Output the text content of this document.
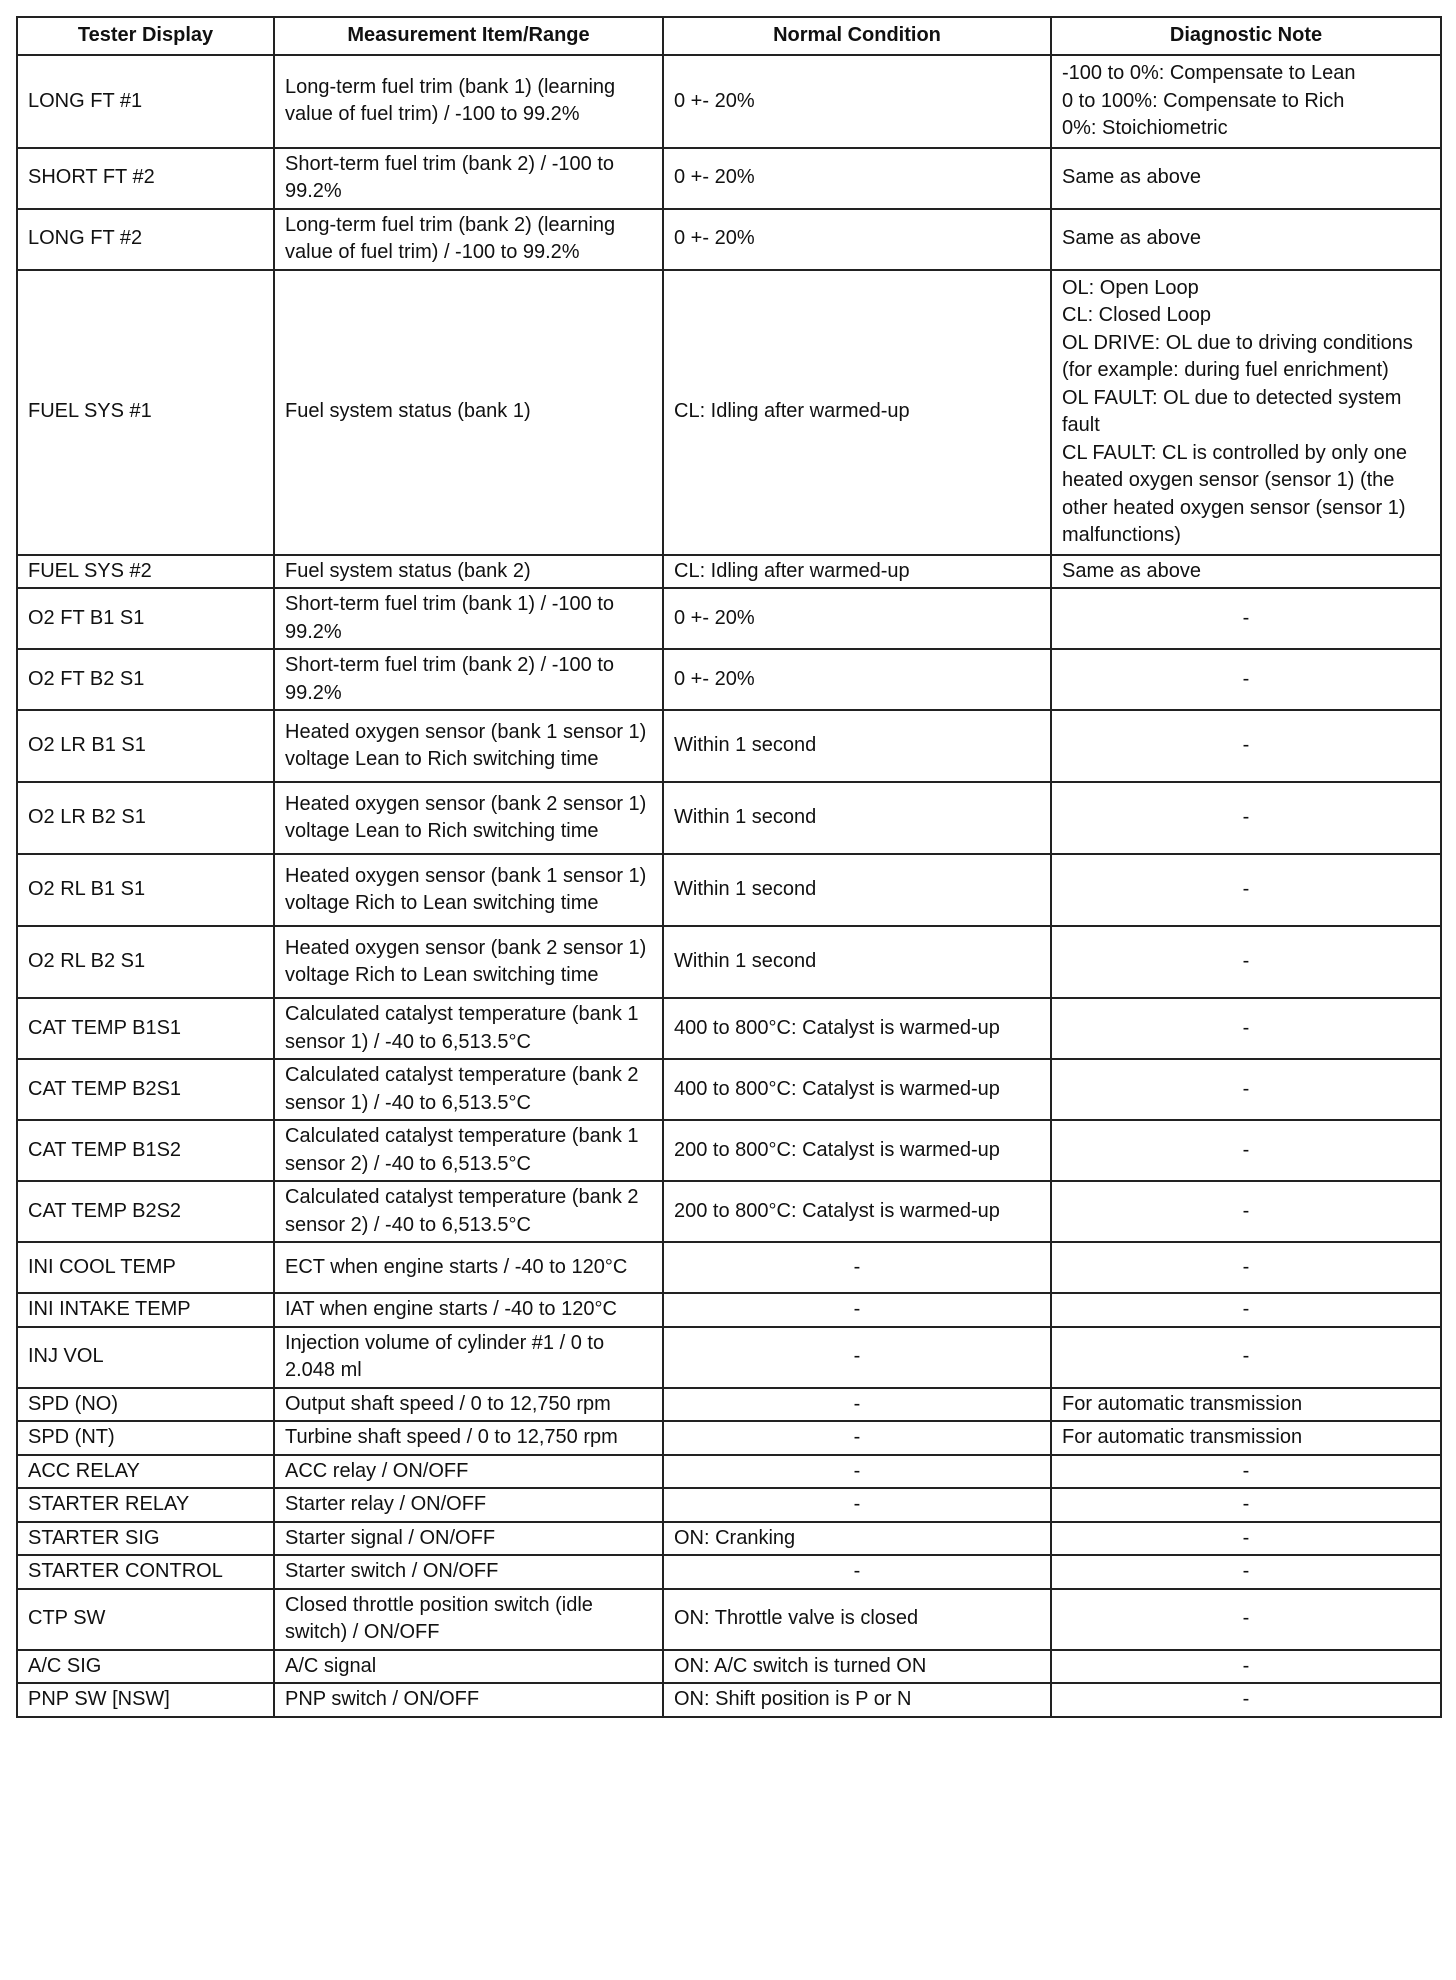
Tester Display	Measurement Item/Range	Normal Condition	Diagnostic Note
LONG FT #1	Long-term fuel trim (bank 1) (learning value of fuel trim) / -100 to 99.2%	0 +- 20%	-100 to 0%: Compensate to Lean
0 to 100%: Compensate to Rich
0%: Stoichiometric

SHORT FT #2	Short-term fuel trim (bank 2) / -100 to 99.2%	0 +- 20%	Same as above

LONG FT #2	Long-term fuel trim (bank 2) (learning value of fuel trim) / -100 to 99.2%	0 +- 20%	Same as above

FUEL SYS #1	Fuel system status (bank 1)	CL: Idling after warmed-up	OL: Open Loop
CL: Closed Loop
OL DRIVE: OL due to driving conditions (for example: during fuel enrichment)
OL FAULT: OL due to detected system fault
CL FAULT: CL is controlled by only one heated oxygen sensor (sensor 1) (the other heated oxygen sensor (sensor 1) malfunctions)

FUEL SYS #2	Fuel system status (bank 2)	CL: Idling after warmed-up	Same as above

O2 FT B1 S1	Short-term fuel trim (bank 1) / -100 to 99.2%	0 +- 20%	-

O2 FT B2 S1	Short-term fuel trim (bank 2) / -100 to 99.2%	0 +- 20%	-

O2 LR B1 S1	Heated oxygen sensor (bank 1 sensor 1) voltage Lean to Rich switching time	Within 1 second	-

O2 LR B2 S1	Heated oxygen sensor (bank 2 sensor 1) voltage Lean to Rich switching time	Within 1 second	-

O2 RL B1 S1	Heated oxygen sensor (bank 1 sensor 1) voltage Rich to Lean switching time	Within 1 second	-

O2 RL B2 S1	Heated oxygen sensor (bank 2 sensor 1) voltage Rich to Lean switching time	Within 1 second	-

CAT TEMP B1S1	Calculated catalyst temperature (bank 1 sensor 1) / -40 to 6,513.5°C	400 to 800°C: Catalyst is warmed-up	-

CAT TEMP B2S1	Calculated catalyst temperature (bank 2 sensor 1) / -40 to 6,513.5°C	400 to 800°C: Catalyst is warmed-up	-

CAT TEMP B1S2	Calculated catalyst temperature (bank 1 sensor 2) / -40 to 6,513.5°C	200 to 800°C: Catalyst is warmed-up	-

CAT TEMP B2S2	Calculated catalyst temperature (bank 2 sensor 2) / -40 to 6,513.5°C	200 to 800°C: Catalyst is warmed-up	-

INI COOL TEMP	ECT when engine starts / -40 to 120°C	-	-

INI INTAKE TEMP	IAT when engine starts / -40 to 120°C	-	-

INJ VOL	Injection volume of cylinder #1 / 0 to 2.048 ml	-	-

SPD (NO)	Output shaft speed / 0 to 12,750 rpm	-	For automatic transmission

SPD (NT)	Turbine shaft speed / 0 to 12,750 rpm	-	For automatic transmission

ACC RELAY	ACC relay / ON/OFF	-	-

STARTER RELAY	Starter relay / ON/OFF	-	-

STARTER SIG	Starter signal / ON/OFF	ON: Cranking	-

STARTER CONTROL	Starter switch / ON/OFF	-	-

CTP SW	Closed throttle position switch (idle switch) / ON/OFF	ON: Throttle valve is closed	-

A/C SIG	A/C signal	ON: A/C switch is turned ON	-

PNP SW [NSW]	PNP switch / ON/OFF	ON: Shift position is P or N	-
